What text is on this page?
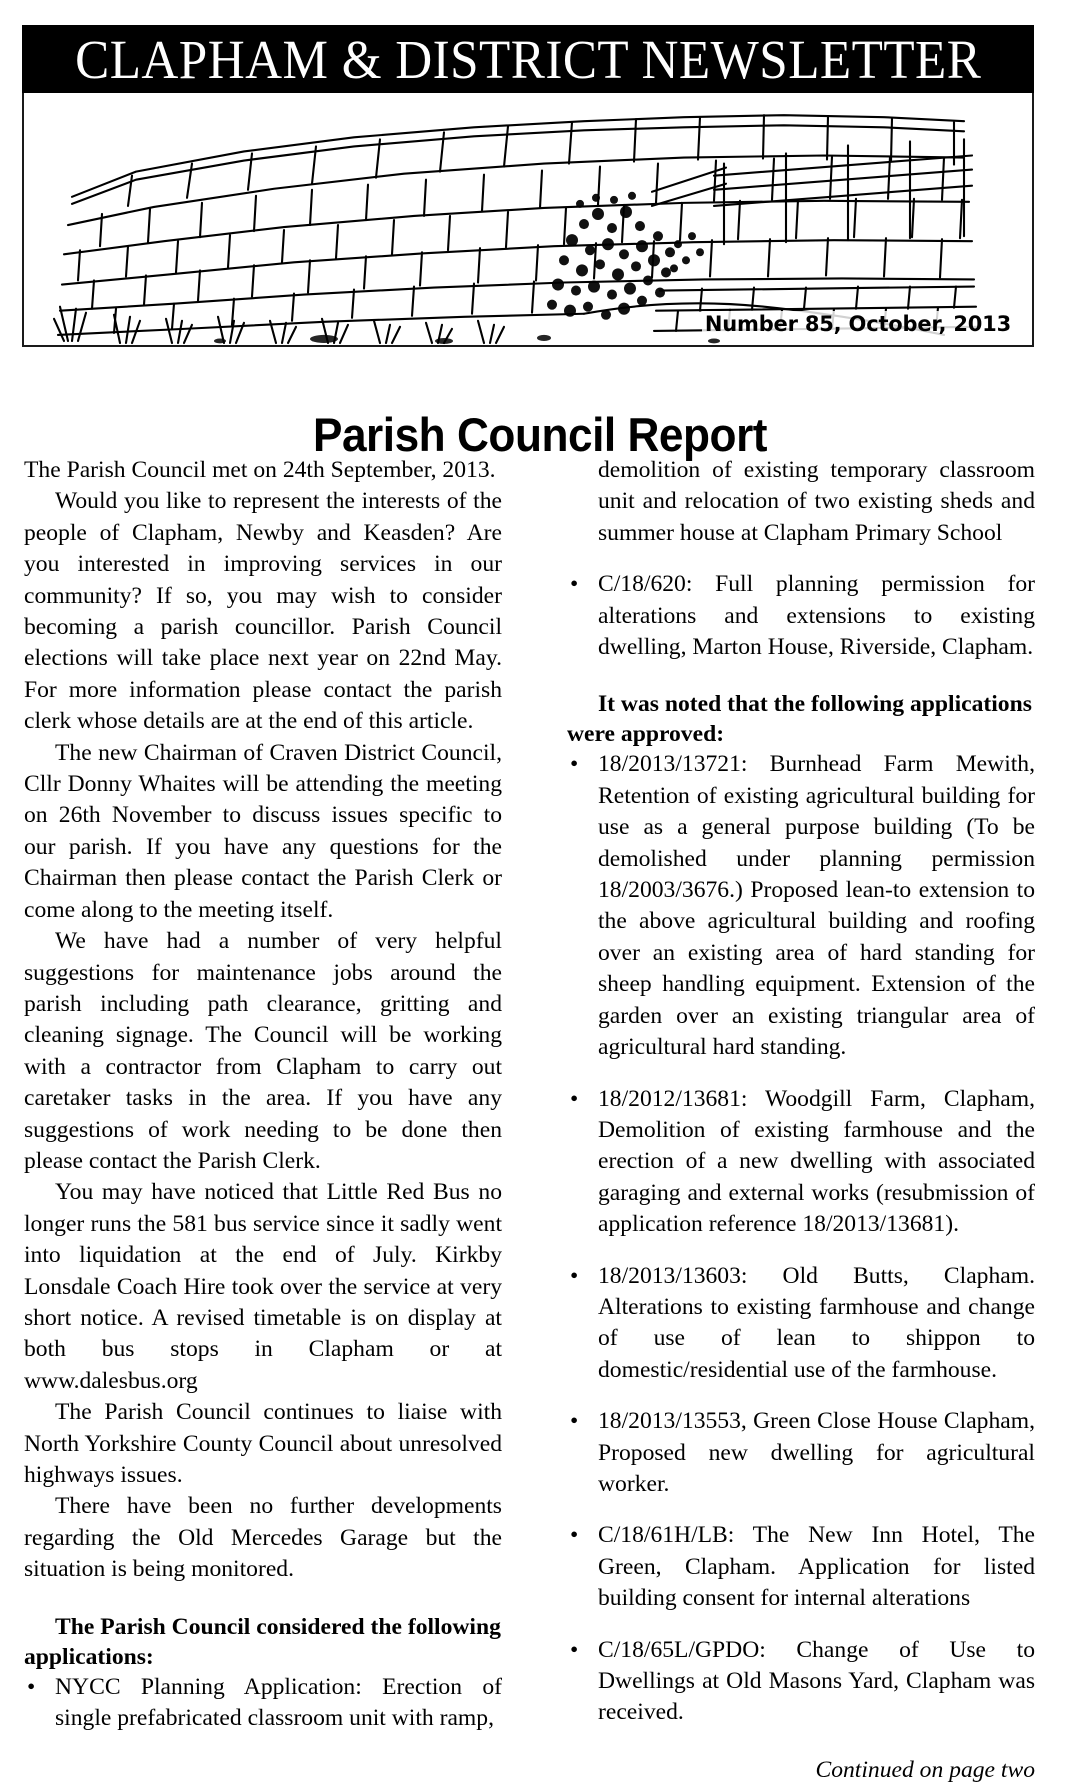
CLAPHAM & DISTRICT NEWSLETTER
Number 85, October, 2013
Parish Council Report

The Parish Council met on 24th September, 2013.

Would you like to represent the interests of the people of Clapham, Newby and Keasden? Are you interested in improving services in our community? If so, you may wish to consider becoming a parish councillor. Parish Council elections will take place next year on 22nd May. For more information please contact the parish clerk whose details are at the end of this article.

The new Chairman of Craven District Council, Cllr Donny Whaites will be attending the meeting on 26th November to discuss issues specific to our parish. If you have any questions for the Chairman then please contact the Parish Clerk or come along to the meeting itself.

We have had a number of very helpful suggestions for maintenance jobs around the parish including path clearance, gritting and cleaning signage. The Council will be working with a contractor from Clapham to carry out caretaker tasks in the area. If you have any suggestions of work needing to be done then please contact the Parish Clerk.

You may have noticed that Little Red Bus no longer runs the 581 bus service since it sadly went into liquidation at the end of July. Kirkby Lonsdale Coach Hire took over the service at very short notice. A revised timetable is on display at both bus stops in Clapham or at www.dalesbus.org

The Parish Council continues to liaise with North Yorkshire County Council about unresolved highways issues.

There have been no further developments regarding the Old Mercedes Garage but the situation is being monitored.

The Parish Council considered the following applications:

• NYCC Planning Application: Erection of single prefabricated classroom unit with ramp,
demolition of existing temporary classroom unit and relocation of two existing sheds and summer house at Clapham Primary School
• C/18/620: Full planning permission for alterations and extensions to existing dwelling, Marton House, Riverside, Clapham.

It was noted that the following applications were approved:

• 18/2013/13721: Burnhead Farm Mewith, Retention of existing agricultural building for use as a general purpose building (To be demolished under planning permission 18/2003/3676.) Proposed lean-to extension to the above agricultural building and roofing over an existing area of hard standing for sheep handling equipment. Extension of the garden over an existing triangular area of agricultural hard standing.
• 18/2012/13681: Woodgill Farm, Clapham, Demolition of existing farmhouse and the erection of a new dwelling with associated garaging and external works (resubmission of application reference 18/2013/13681).
• 18/2013/13603: Old Butts, Clapham. Alterations to existing farmhouse and change of use of lean to shippon to domestic/residential use of the farmhouse.
• 18/2013/13553, Green Close House Clapham, Proposed new dwelling for agricultural worker.
• C/18/61H/LB: The New Inn Hotel, The Green, Clapham. Application for listed building consent for internal alterations
• C/18/65L/GPDO: Change of Use to Dwellings at Old Masons Yard, Clapham was received.
Continued on page two
